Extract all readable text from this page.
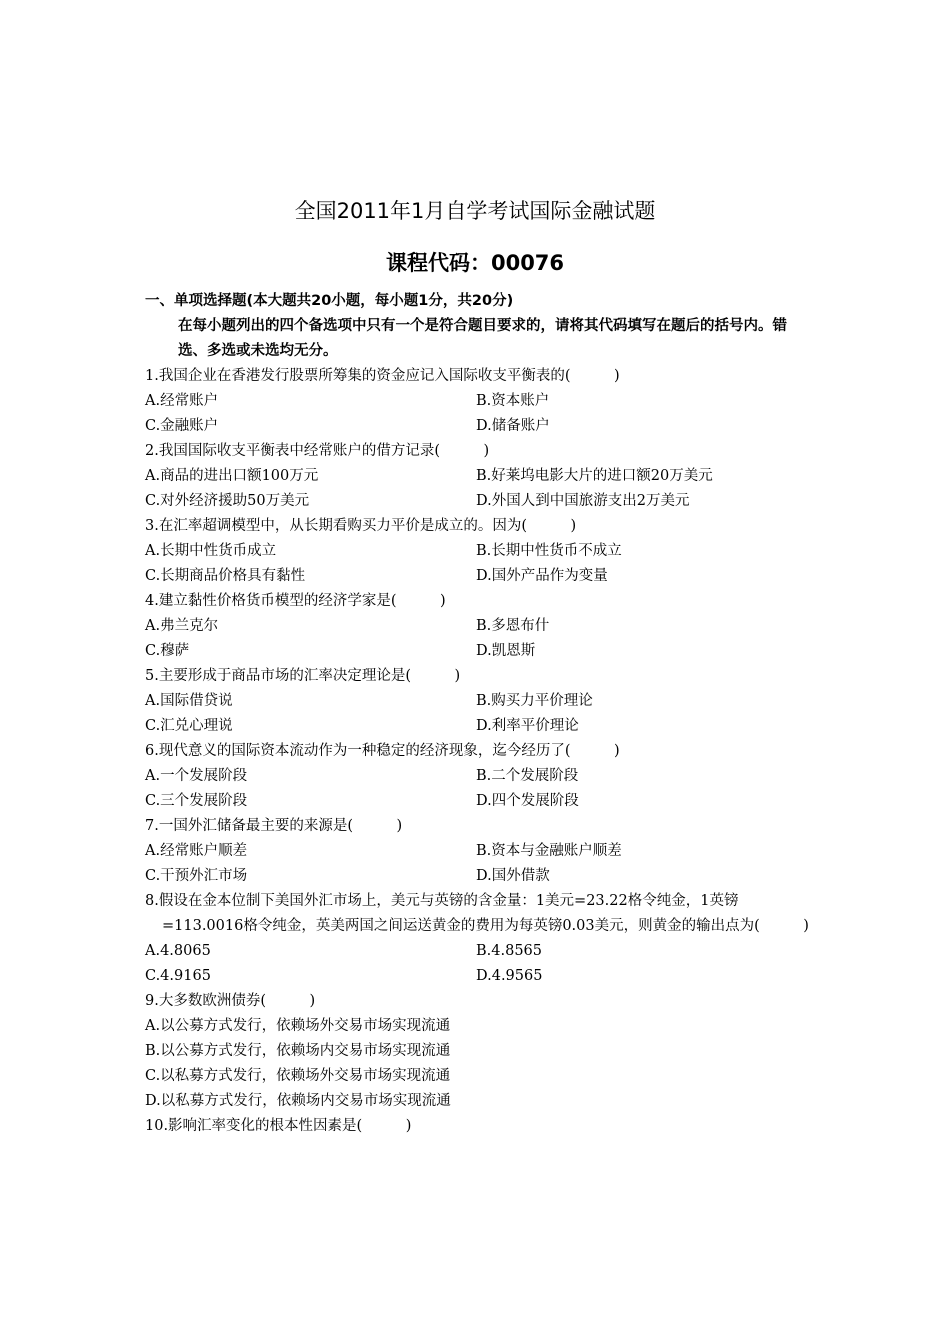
全国2011年1月自学考试国际金融试题
课程代码：00076
一、单项选择题(本大题共20小题，每小题1分，共20分)
在每小题列出的四个备选项中只有一个是符合题目要求的，请将其代码填写在题后的括号内。错选、多选或未选均无分。
1.我国企业在香港发行股票所筹集的资金应记入国际收支平衡表的(　　　)
A.经常账户	B.资本账户
C.金融账户	D.储备账户
2.我国国际收支平衡表中经常账户的借方记录(　　　)
A.商品的进出口额100万元	B.好莱坞电影大片的进口额20万美元
C.对外经济援助50万美元	D.外国人到中国旅游支出2万美元
3.在汇率超调模型中，从长期看购买力平价是成立的。因为(　　　)
A.长期中性货币成立	B.长期中性货币不成立
C.长期商品价格具有黏性	D.国外产品作为变量
4.建立黏性价格货币模型的经济学家是(　　　)
A.弗兰克尔	B.多恩布什
C.穆萨	D.凯恩斯
5.主要形成于商品市场的汇率决定理论是(　　　)
A.国际借贷说	B.购买力平价理论
C.汇兑心理说	D.利率平价理论
6.现代意义的国际资本流动作为一种稳定的经济现象，迄今经历了(　　　)
A.一个发展阶段	B.二个发展阶段
C.三个发展阶段	D.四个发展阶段
7.一国外汇储备最主要的来源是(　　　)
A.经常账户顺差	B.资本与金融账户顺差
C.干预外汇市场	D.国外借款
8.假设在金本位制下美国外汇市场上，美元与英镑的含金量：1美元=23.22格令纯金，1英镑=113.0016格令纯金，英美两国之间运送黄金的费用为每英镑0.03美元，则黄金的输出点为(　　　)
A.4.8065	B.4.8565
C.4.9165	D.4.9565
9.大多数欧洲债券(　　　)
A.以公募方式发行，依赖场外交易市场实现流通
B.以公募方式发行，依赖场内交易市场实现流通
C.以私募方式发行，依赖场外交易市场实现流通
D.以私募方式发行，依赖场内交易市场实现流通
10.影响汇率变化的根本性因素是(　　　)
